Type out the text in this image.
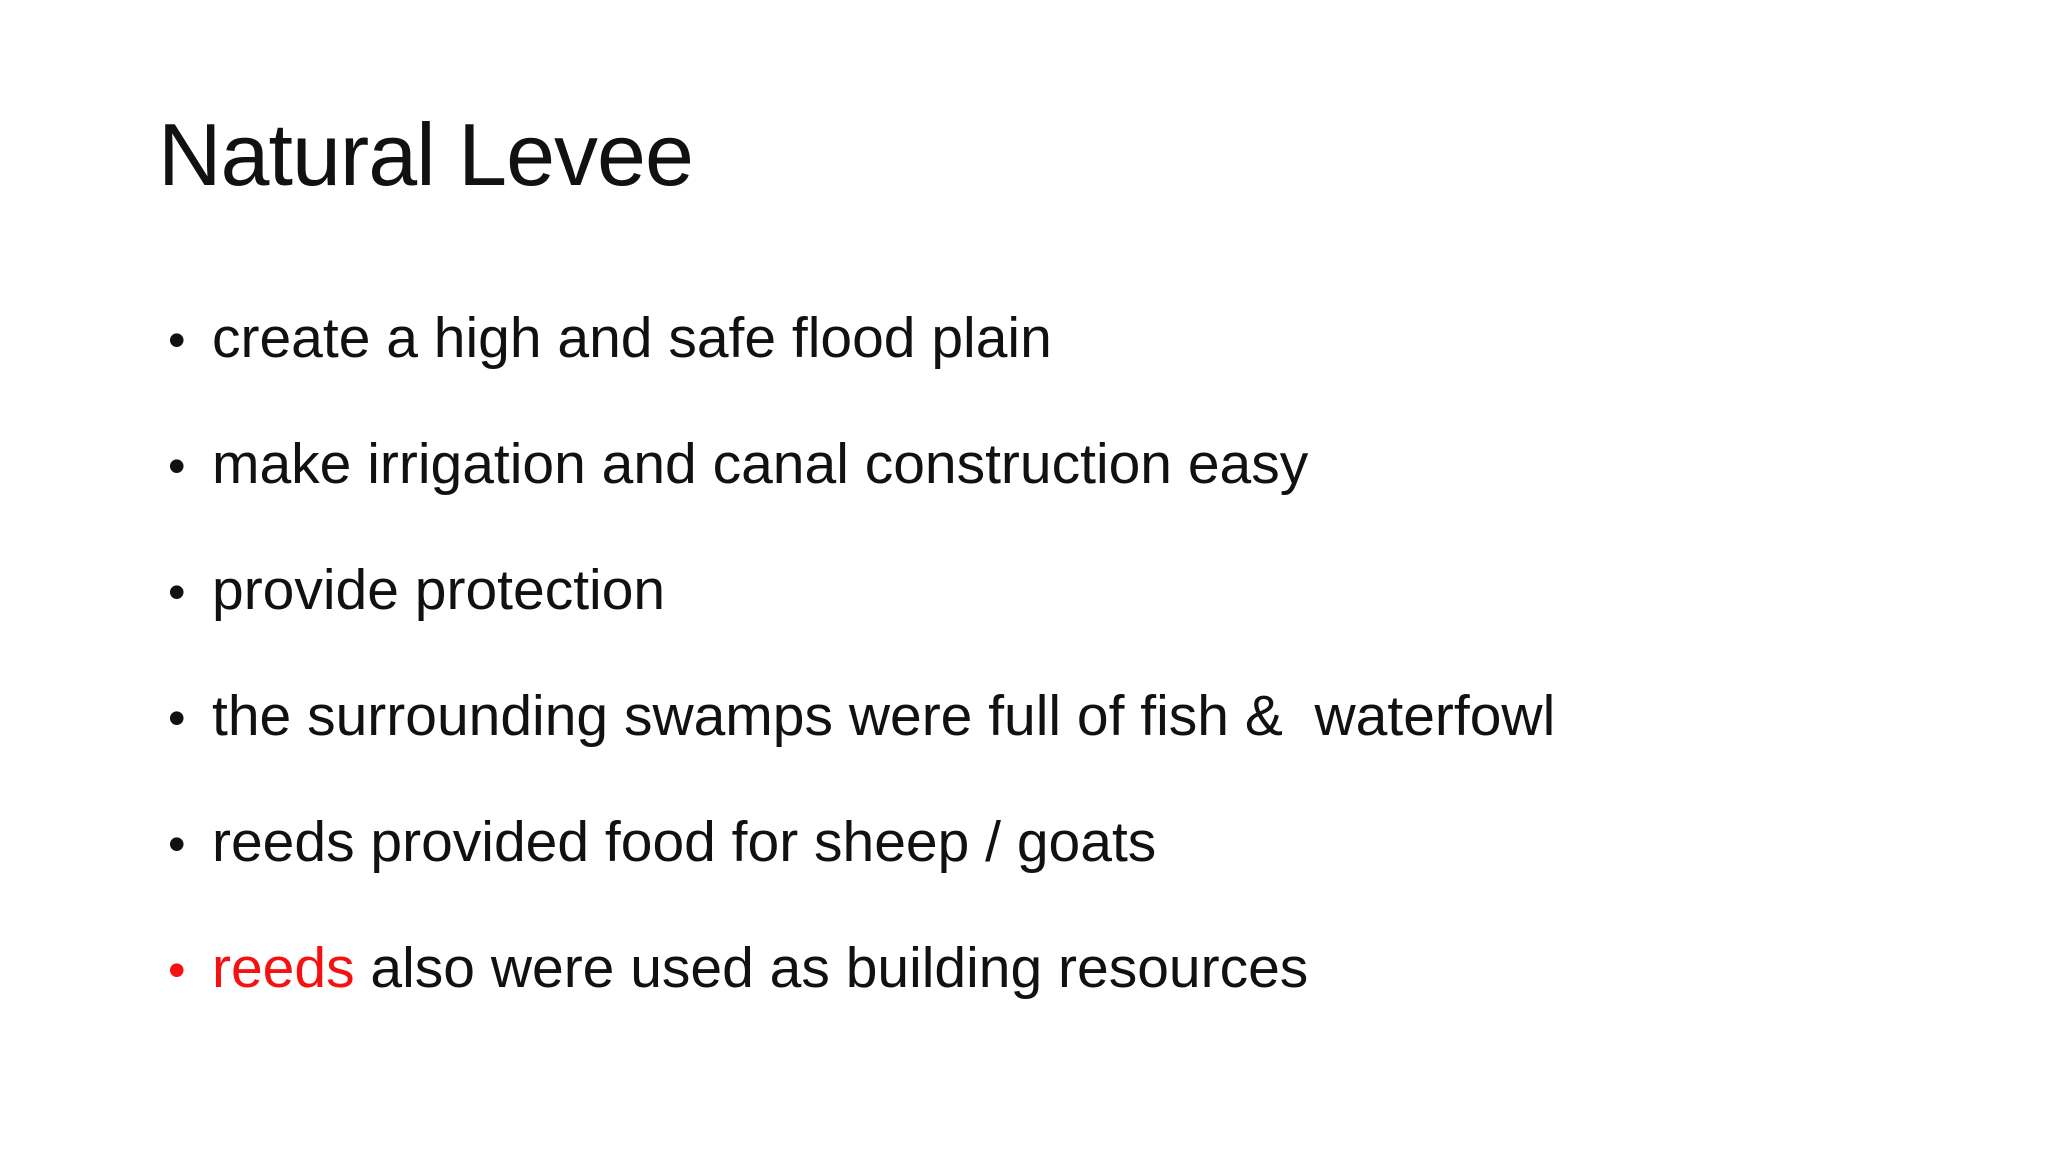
Natural Levee
• create a high and safe flood plain
• make irrigation and canal construction easy
• provide protection
• the surrounding swamps were full of fish &  waterfowl
• reeds provided food for sheep / goats
• reeds also were used as building resources
